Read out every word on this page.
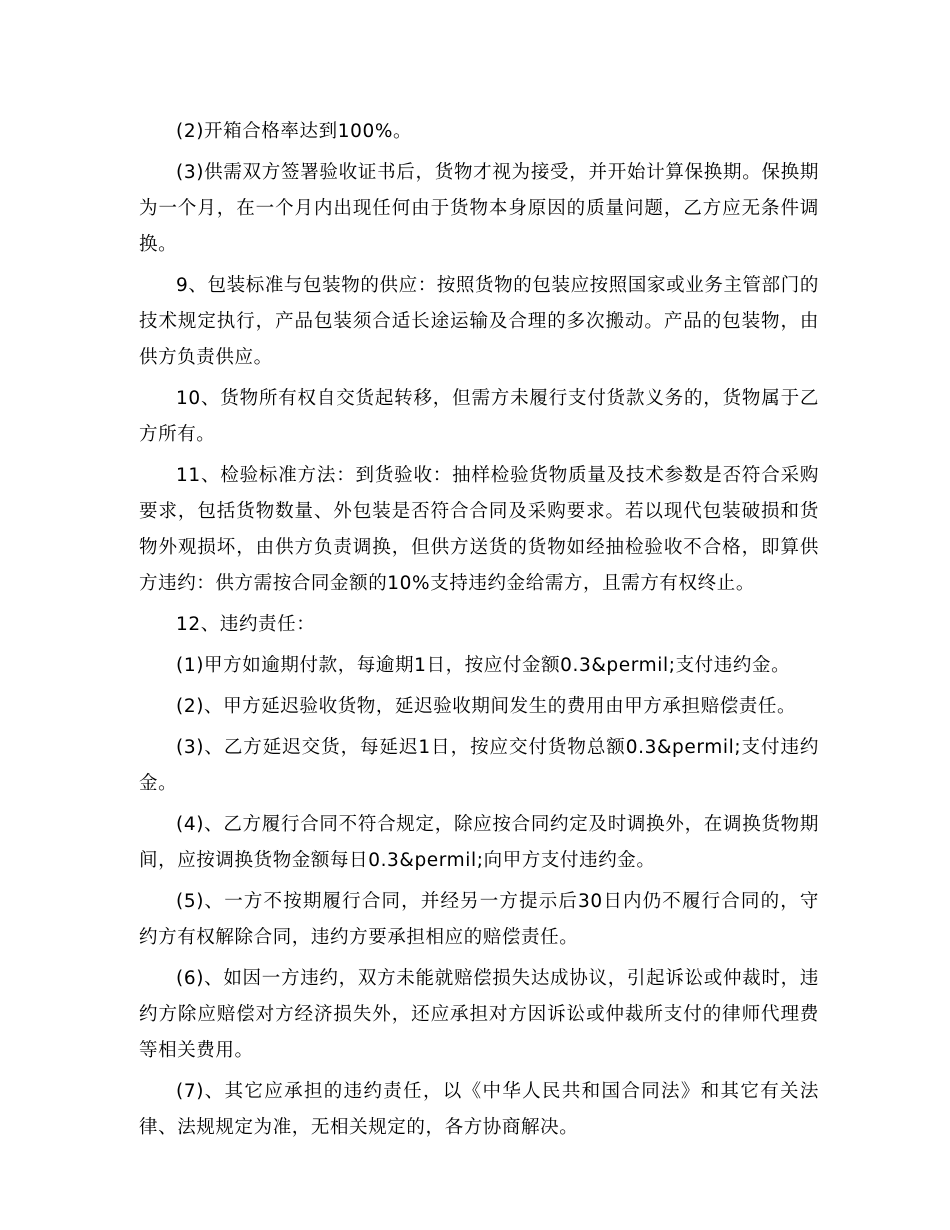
(2)开箱合格率达到100%。

(3)供需双方签署验收证书后，货物才视为接受，并开始计算保换期。保换期为一个月，在一个月内出现任何由于货物本身原因的质量问题，乙方应无条件调换。

9、包装标准与包装物的供应：按照货物的包装应按照国家或业务主管部门的技术规定执行，产品包装须合适长途运输及合理的多次搬动。产品的包装物，由供方负责供应。

10、货物所有权自交货起转移，但需方未履行支付货款义务的，货物属于乙方所有。

11、检验标准方法：到货验收：抽样检验货物质量及技术参数是否符合采购要求，包括货物数量、外包装是否符合合同及采购要求。若以现代包装破损和货物外观损坏，由供方负责调换，但供方送货的货物如经抽检验收不合格，即算供方违约：供方需按合同金额的10%支持违约金给需方，且需方有权终止。

12、违约责任：

(1)甲方如逾期付款，每逾期1日，按应付金额0.3&permil;支付违约金。

(2)、甲方延迟验收货物，延迟验收期间发生的费用由甲方承担赔偿责任。

(3)、乙方延迟交货，每延迟1日，按应交付货物总额0.3&permil;支付违约金。

(4)、乙方履行合同不符合规定，除应按合同约定及时调换外，在调换货物期间，应按调换货物金额每日0.3&permil;向甲方支付违约金。

(5)、一方不按期履行合同，并经另一方提示后30日内仍不履行合同的，守约方有权解除合同，违约方要承担相应的赔偿责任。

(6)、如因一方违约，双方未能就赔偿损失达成协议，引起诉讼或仲裁时，违约方除应赔偿对方经济损失外，还应承担对方因诉讼或仲裁所支付的律师代理费等相关费用。

(7)、其它应承担的违约责任，以《中华人民共和国合同法》和其它有关法律、法规规定为准，无相关规定的，各方协商解决。
